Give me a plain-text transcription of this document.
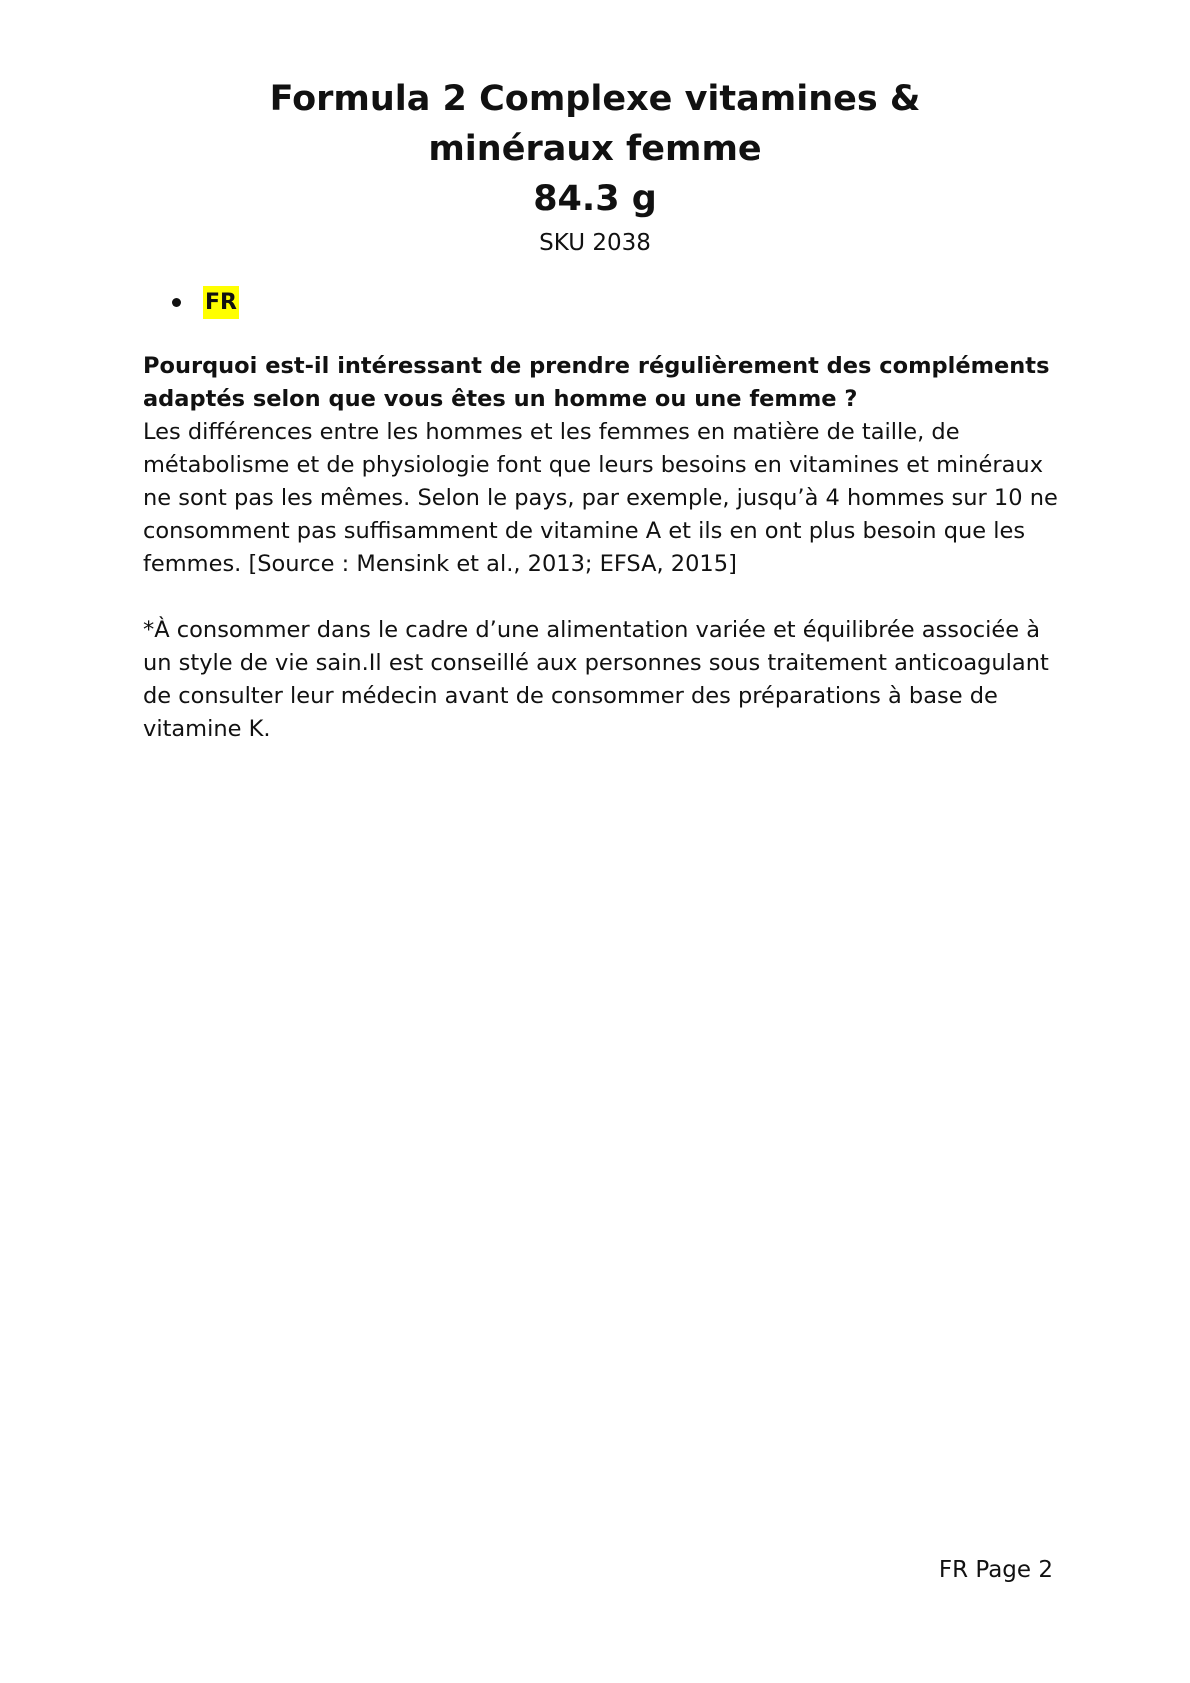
Formula 2 Complexe vitamines & minéraux femme
84.3 g
SKU 2038
FR

Pourquoi est-il intéressant de prendre régulièrement des compléments adaptés selon que vous êtes un homme ou une femme ?

Les différences entre les hommes et les femmes en matière de taille, de métabolisme et de physiologie font que leurs besoins en vitamines et minéraux ne sont pas les mêmes. Selon le pays, par exemple, jusqu’à 4 hommes sur 10 ne consomment pas suffisamment de vitamine A et ils en ont plus besoin que les femmes. [Source : Mensink et al., 2013; EFSA, 2015]

*À consommer dans le cadre d’une alimentation variée et équilibrée associée à un style de vie sain.Il est conseillé aux personnes sous traitement anticoagulant de consulter leur médecin avant de consommer des préparations à base de vitamine K.

FR Page 2
